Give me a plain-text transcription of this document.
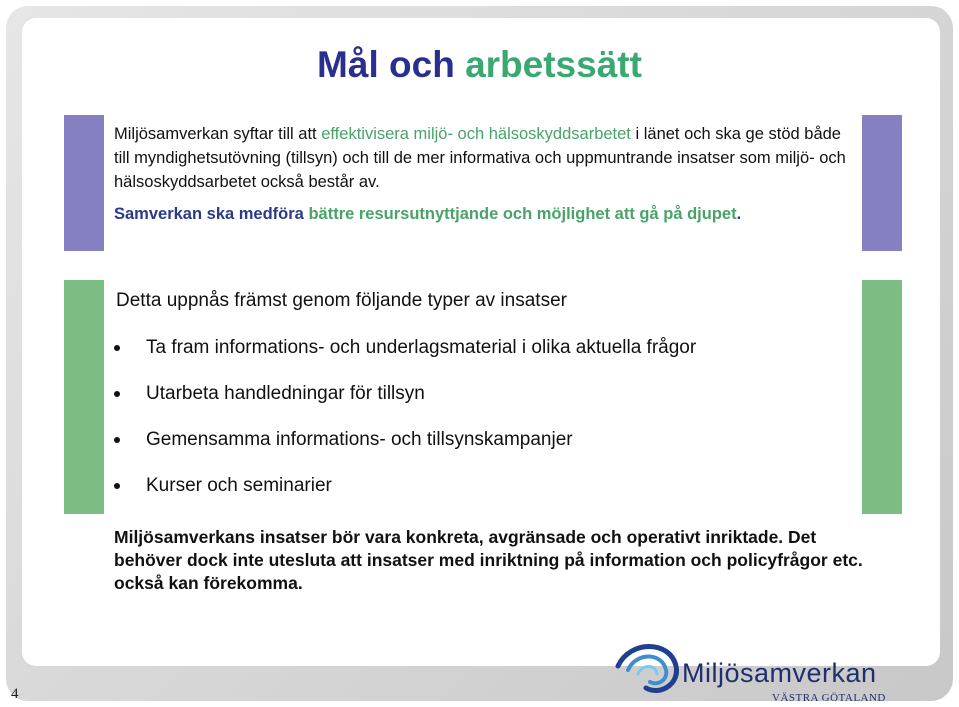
Mål och arbetssätt
Miljösamverkan syftar till att effektivisera miljö- och hälsoskyddsarbetet i länet och ska ge stöd både till myndighetsutövning (tillsyn) och till de mer informativa och uppmuntrande insatser som miljö- och hälsoskyddsarbetet också består av.
Samverkan ska medföra bättre resursutnyttjande och möjlighet att gå på djupet.
Detta uppnås främst genom följande typer av insatser
Ta fram informations- och underlagsmaterial i olika aktuella frågor
Utarbeta handledningar för tillsyn
Gemensamma informations- och tillsynskampanjer
Kurser och seminarier
Miljösamverkans insatser bör vara konkreta, avgränsade och operativt inriktade. Det behöver dock inte utesluta att insatser med inriktning på information och policyfrågor etc. också kan förekomma.
4
Miljösamverkan
VÄSTRA GÖTALAND
